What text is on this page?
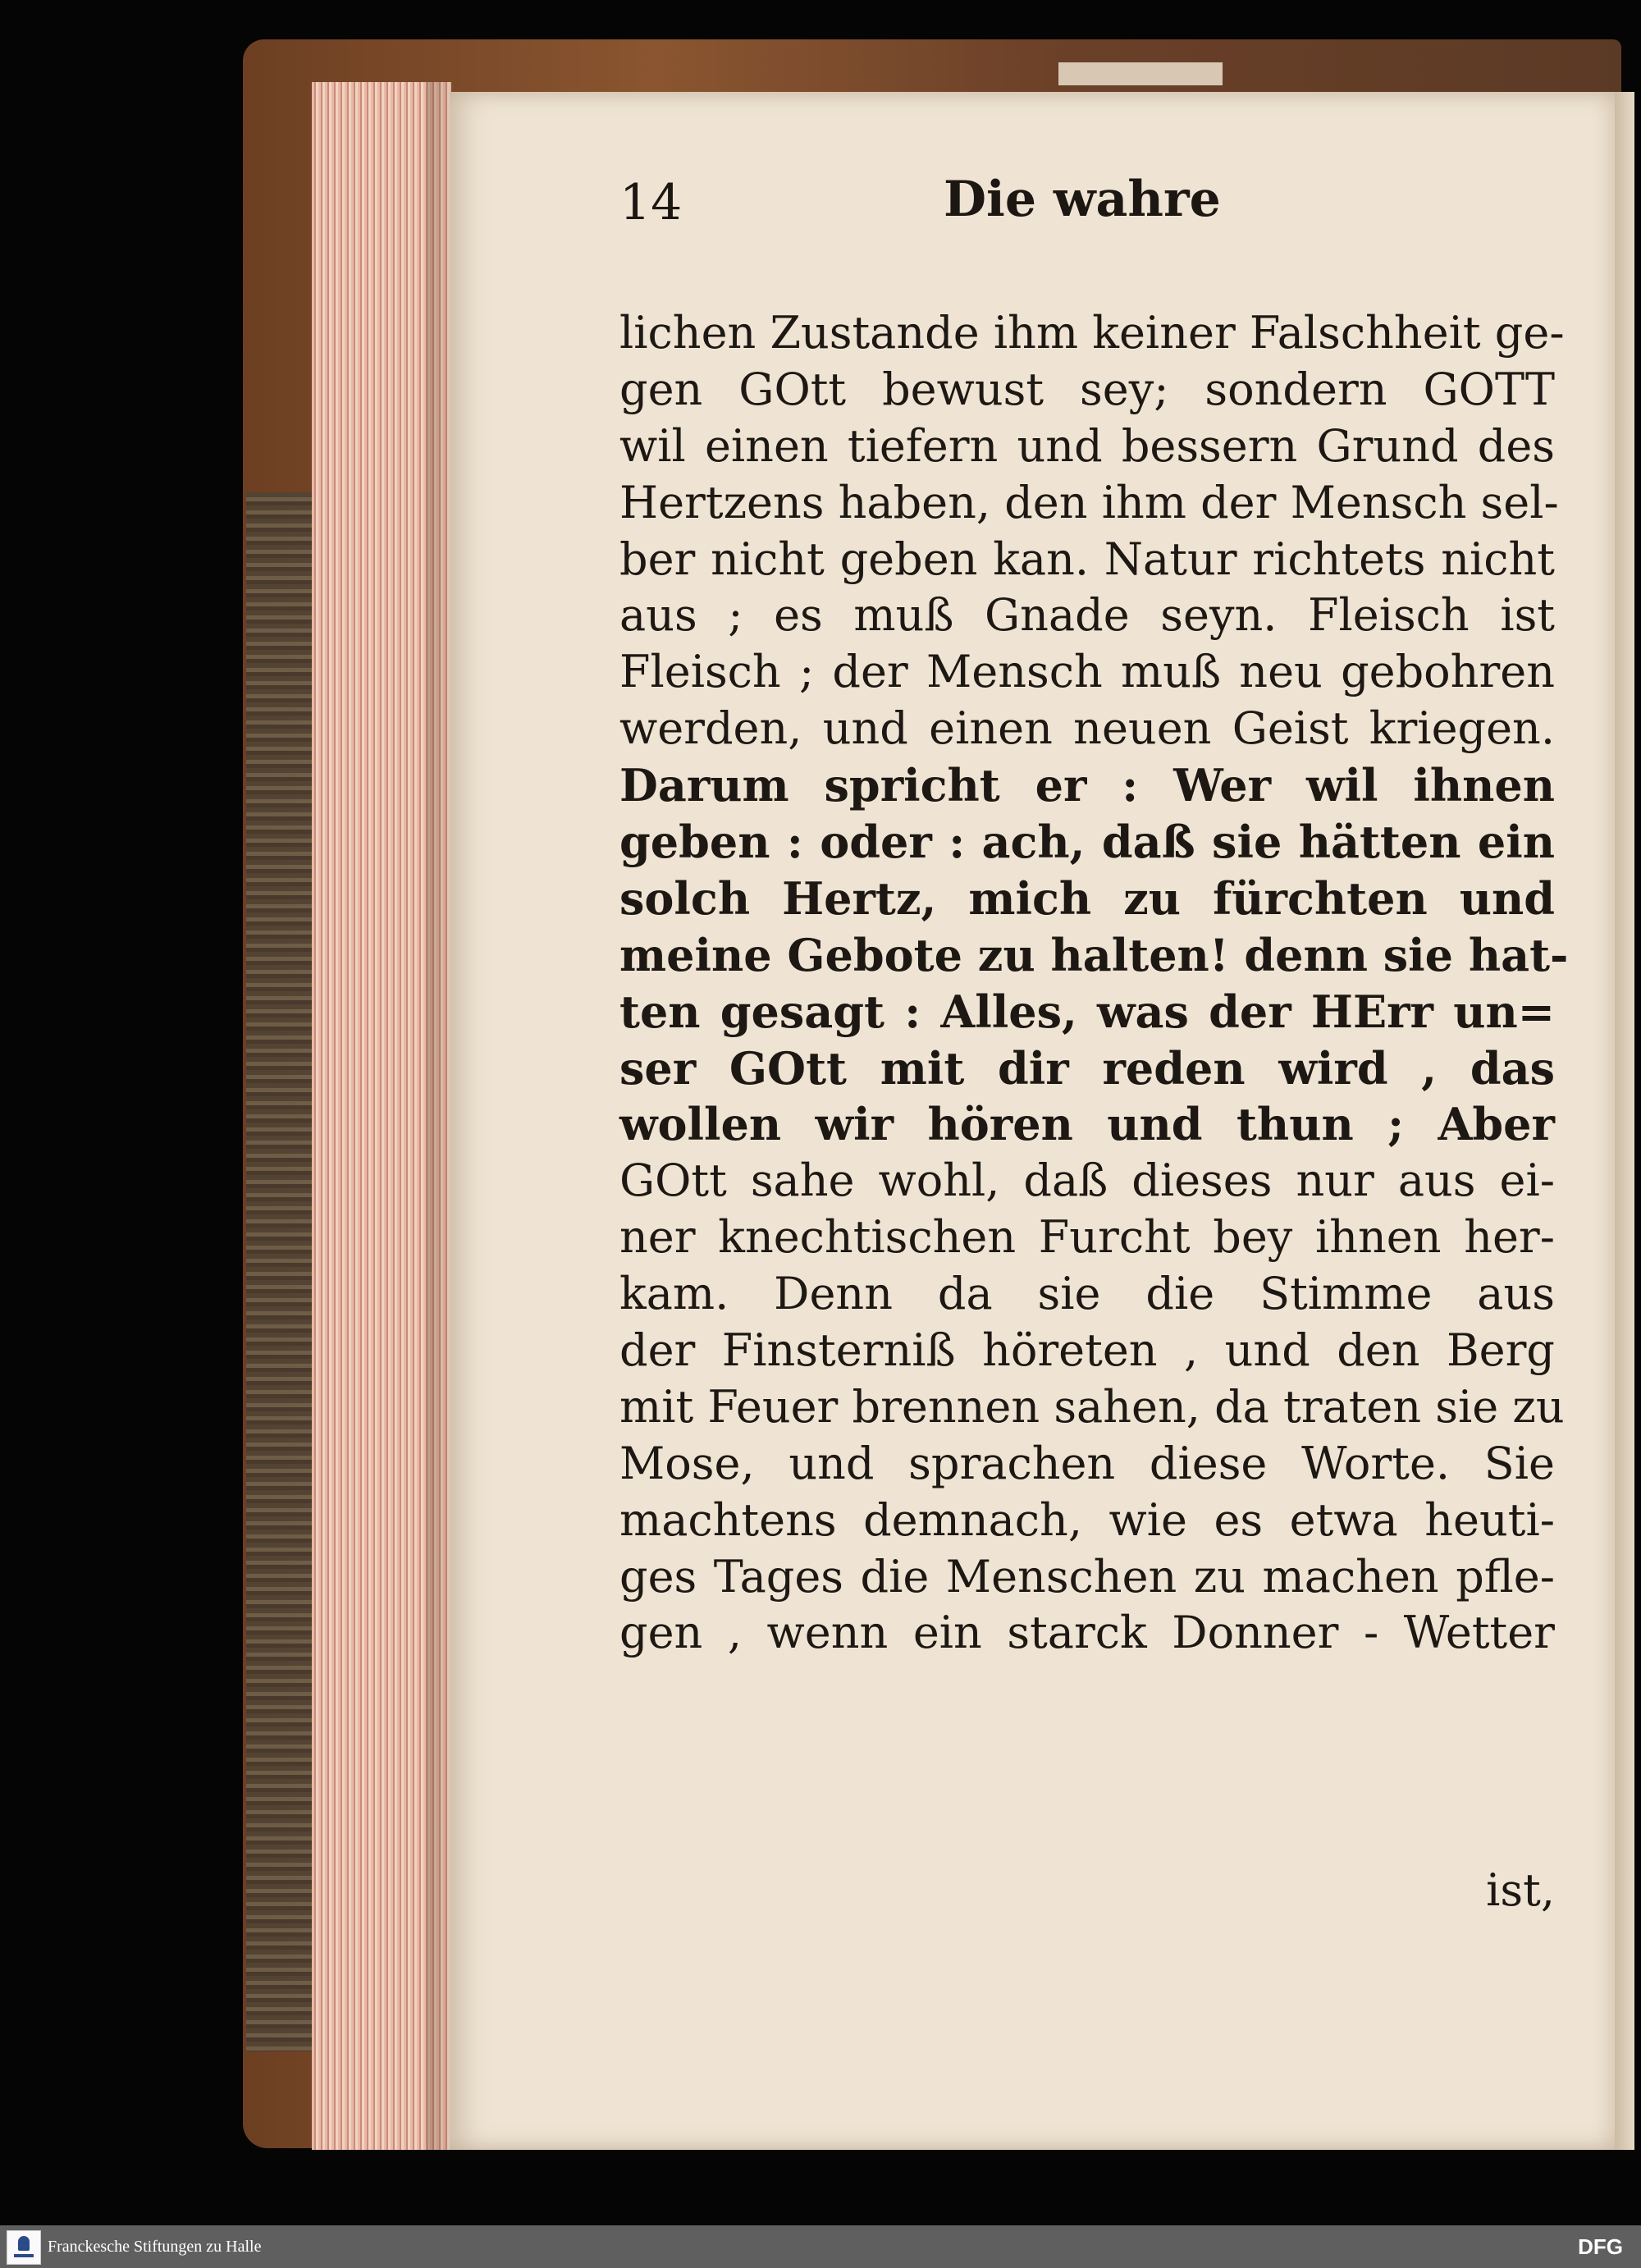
14	Die wahre
lichen Zustande ihm keiner Falschheit ge-
gen GOtt bewust sey; sondern GOTT
wil einen tiefern und bessern Grund des
Hertzens haben, den ihm der Mensch sel-
ber nicht geben kan. Natur richtets nicht
aus ; es muß Gnade seyn. Fleisch ist
Fleisch ; der Mensch muß neu gebohren
werden, und einen neuen Geist kriegen.
Darum spricht er : Wer wil ihnen
geben : oder : ach, daß sie hätten ein
solch Hertz, mich zu fürchten und
meine Gebote zu halten! denn sie hat-
ten gesagt : Alles, was der HErr un=
ser GOtt mit dir reden wird , das
wollen wir hören und thun ; Aber
GOtt sahe wohl, daß dieses nur aus ei-
ner knechtischen Furcht bey ihnen her-
kam. Denn da sie die Stimme aus
der Finsterniß höreten , und den Berg
mit Feuer brennen sahen, da traten sie zu
Mose, und sprachen diese Worte. Sie
machtens demnach, wie es etwa heuti-
ges Tages die Menschen zu machen pfle-
gen , wenn ein starck Donner - Wetter
ist,
Franckesche Stiftungen zu Halle	DFG
